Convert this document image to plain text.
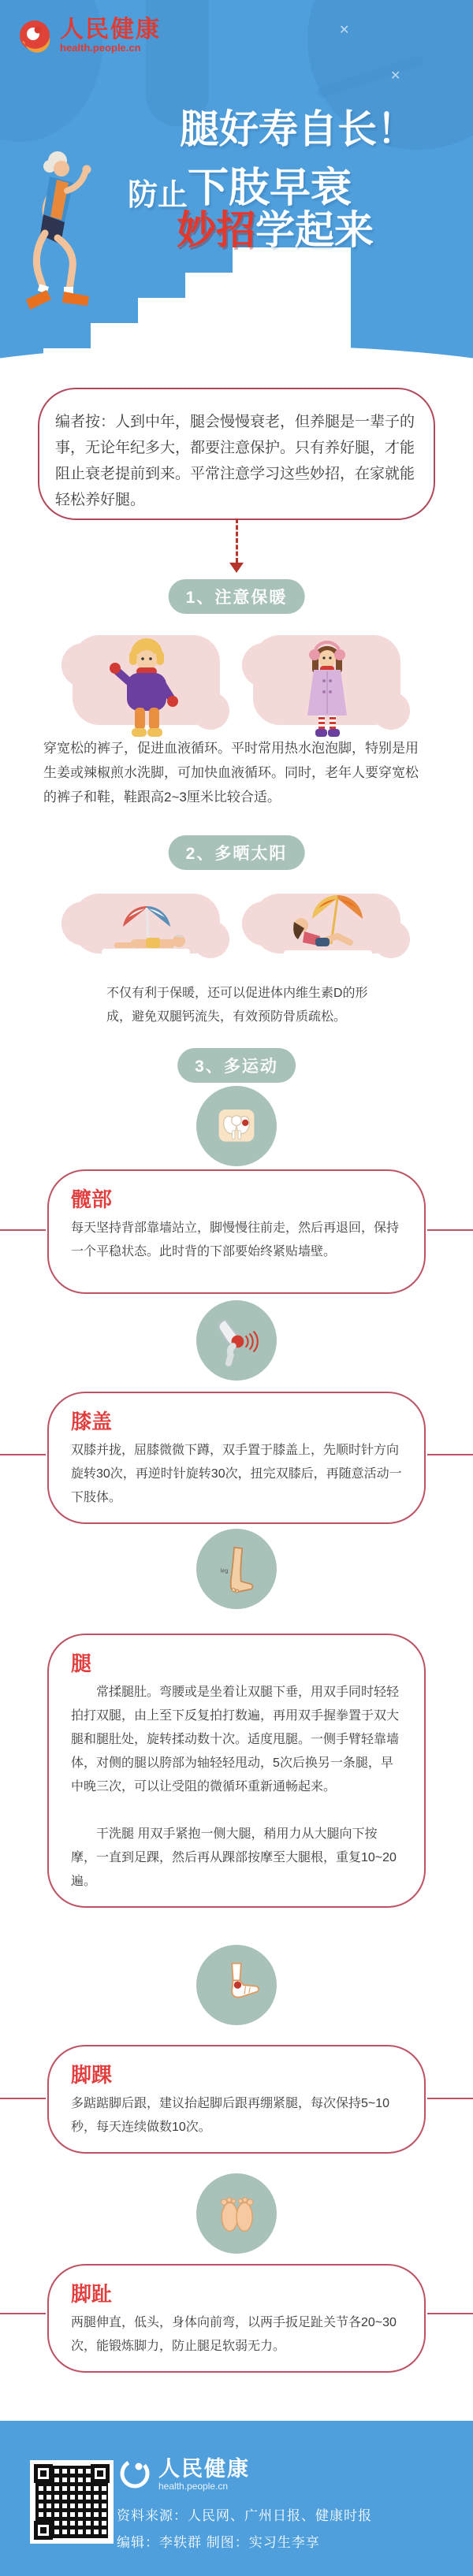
✕
✕
人民健康
health.people.cn
腿好寿自长！
防止下肢早衰
妙招学起来
编者按：人到中年，腿会慢慢衰老，但养腿是一辈子的事，无论年纪多大，都要注意保护。只有养好腿，才能阻止衰老提前到来。平常注意学习这些妙招，在家就能轻松养好腿。
1、注意保暖
穿宽松的裤子，促进血液循环。平时常用热水泡泡脚，特别是用生姜或辣椒煎水洗脚，可加快血液循环。同时，老年人要穿宽松的裤子和鞋，鞋跟高2~3厘米比较合适。
2、多晒太阳
不仅有利于保暖，还可以促进体内维生素D的形成，避免双腿钙流失，有效预防骨质疏松。
3、多运动
髋部
每天坚持背部靠墙站立，脚慢慢往前走，然后再退回，保持一个平稳状态。此时背的下部要始终紧贴墙壁。
膝盖
双膝并拢，屈膝微微下蹲，双手置于膝盖上，先顺时针方向旋转30次，再逆时针旋转30次，扭完双膝后，再随意活动一下肢体。
leg
腿

常揉腿肚。弯腰或是坐着让双腿下垂，用双手同时轻轻拍打双腿，由上至下反复拍打数遍，再用双手握拳置于双大腿和腿肚处，旋转揉动数十次。适度甩腿。一侧手臂轻靠墙体，对侧的腿以胯部为轴轻轻甩动，5次后换另一条腿，早中晚三次，可以让受阻的微循环重新通畅起来。

干洗腿 用双手紧抱一侧大腿，稍用力从大腿向下按摩，一直到足踝，然后再从踝部按摩至大腿根，重复10~20遍。

脚踝
多踮踮脚后跟，建议抬起脚后跟再绷紧腿，每次保持5~10秒，每天连续做数10次。
脚趾
两腿伸直，低头，身体向前弯，以两手扳足趾关节各20~30次，能锻炼脚力，防止腿足软弱无力。
人民健康
health.people.cn
资料来源：人民网、广州日报、健康时报
编辑：李轶群 制图：实习生李享
